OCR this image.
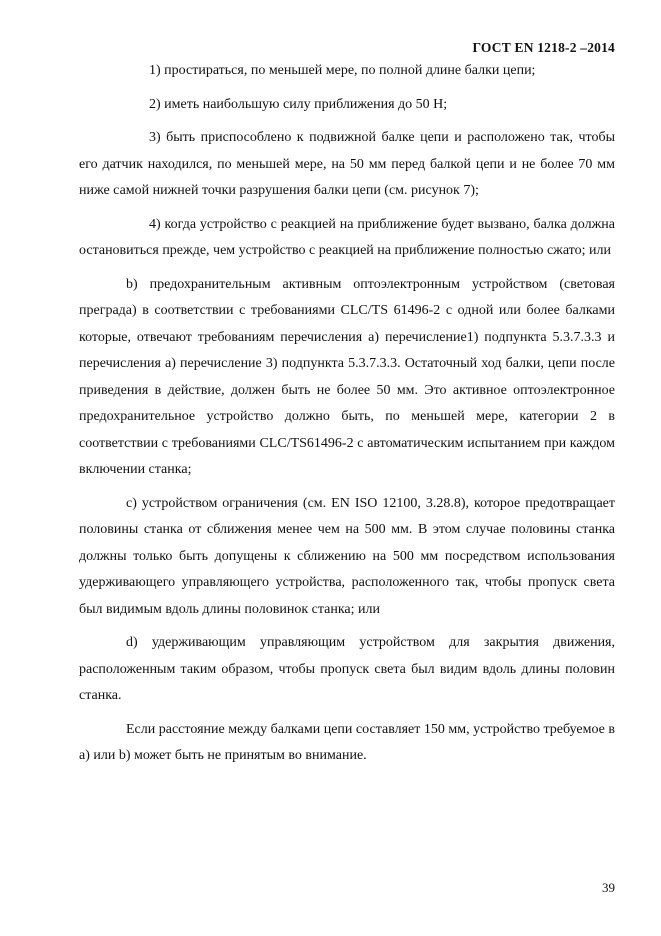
ГОСТ EN 1218-2 –2014

1) простираться, по меньшей мере, по полной длине балки цепи;

2) иметь наибольшую силу приближения до 50 Н;

3) быть приспособлено к подвижной балке цепи и расположено так, чтобы его датчик находился, по меньшей мере, на 50 мм перед балкой цепи и не более 70 мм ниже самой нижней точки разрушения балки цепи (см. рисунок 7);

4) когда устройство с реакцией на приближение будет вызвано, балка должна остановиться прежде, чем устройство с реакцией на приближение полностью сжато; или

b) предохранительным активным оптоэлектронным устройством (световая преграда) в соответствии с требованиями CLC/TS 61496-2 с одной или более балками которые, отвечают требованиям перечисления а) перечисление1) подпункта 5.3.7.3.3 и перечисления а) перечисление 3) подпункта 5.3.7.3.3. Остаточный ход балки, цепи после приведения в действие, должен быть не более 50 мм. Это активное оптоэлектронное предохранительное устройство должно быть, по меньшей мере, категории 2 в соответствии с требованиями CLC/TS61496-2 с автоматическим испытанием при каждом включении станка;

c) устройством ограничения (см. EN ISO 12100, 3.28.8), которое предотвращает половины станка от сближения менее чем на 500 мм. В этом случае половины станка должны только быть допущены к сближению на 500 мм посредством использования удерживающего управляющего устройства, расположенного так, чтобы пропуск света был видимым вдоль длины половинок станка; или

d) удерживающим управляющим устройством для закрытия движения, расположенным таким образом, чтобы пропуск света был видим вдоль длины половин станка.

Если расстояние между балками цепи составляет 150 мм, устройство требуемое в а) или b) может быть не принятым во внимание.

39
